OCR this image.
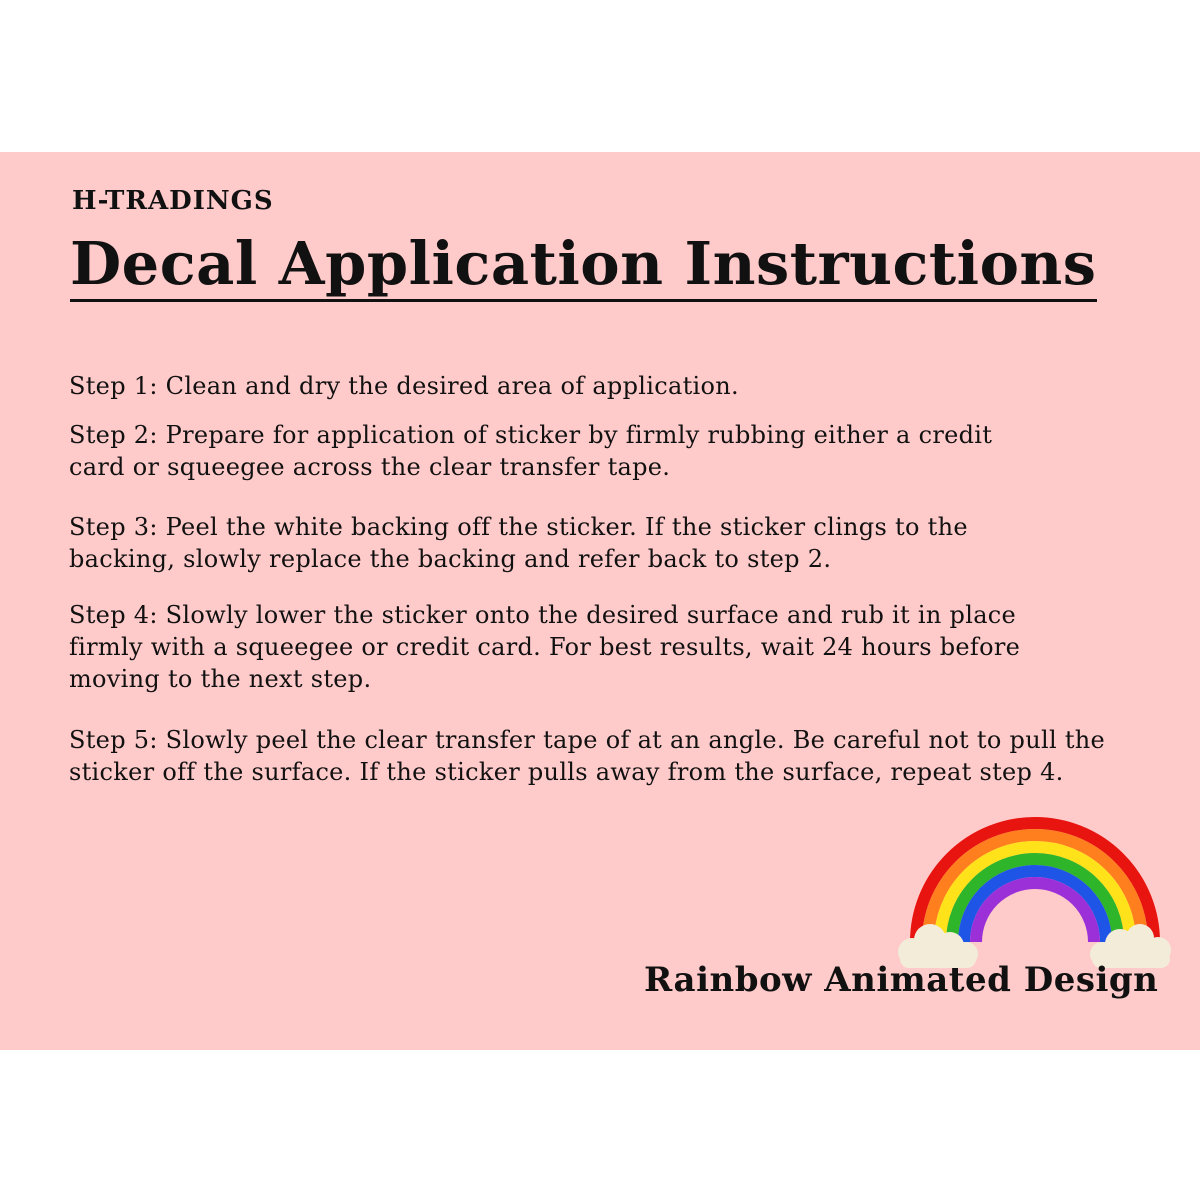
H-TRADINGS
Decal Application Instructions
Step 1: Clean and dry the desired area of application.
Step 2: Prepare for application of sticker by firmly rubbing either a credit
card or squeegee across the clear transfer tape.
Step 3: Peel the white backing off the sticker. If the sticker clings to the
backing, slowly replace the backing and refer back to step 2.
Step 4: Slowly lower the sticker onto the desired surface and rub it in place
firmly with a squeegee or credit card. For best results, wait 24 hours before
moving to the next step.
Step 5: Slowly peel the clear transfer tape of at an angle. Be careful not to pull the
sticker off the surface. If the sticker pulls away from the surface, repeat step 4.
Rainbow Animated Design
